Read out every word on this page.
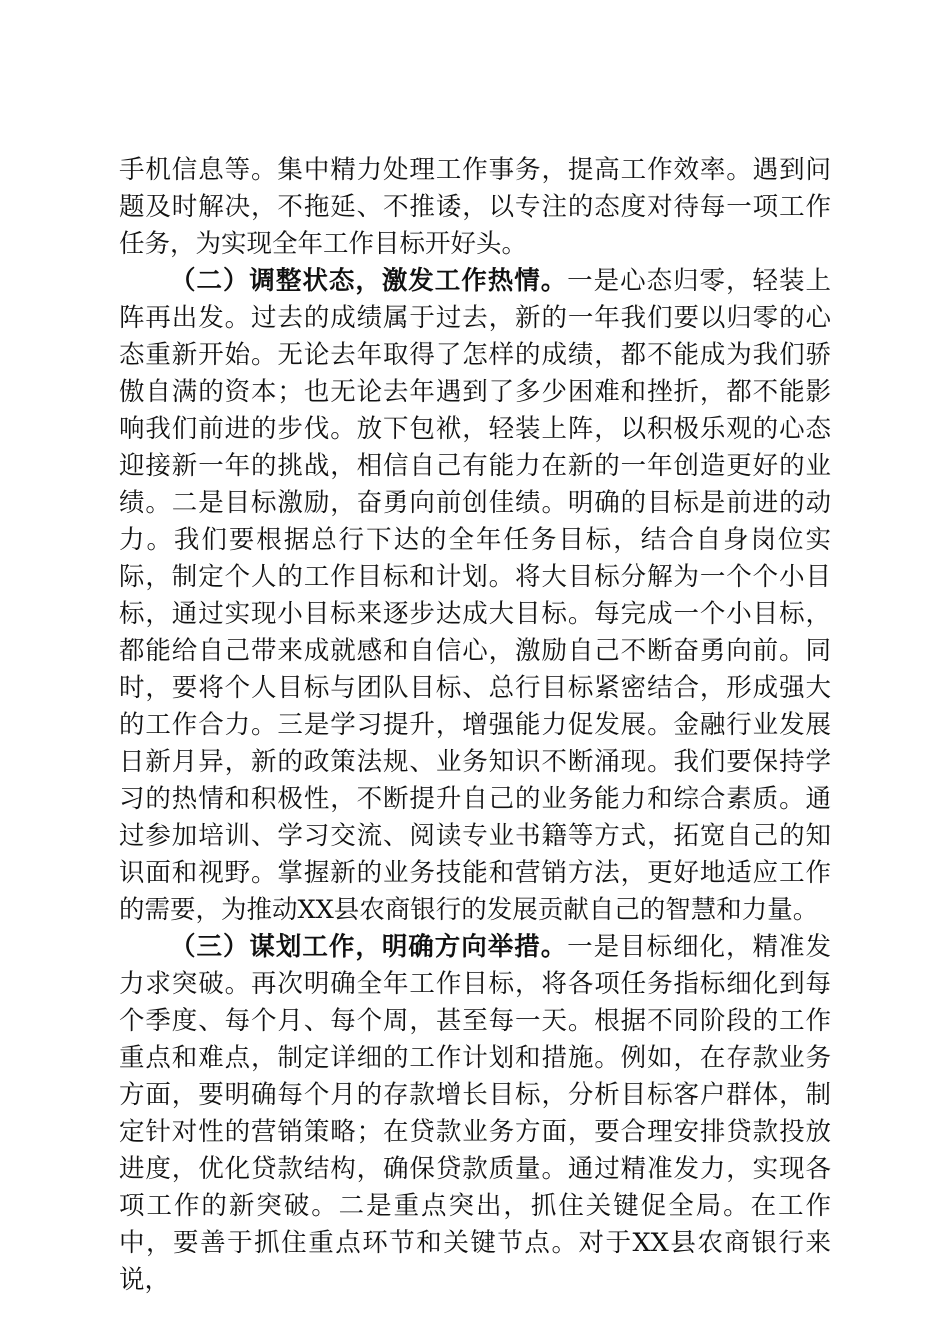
手机信息等。集中精力处理工作事务，提高工作效率。遇到问题及时解决，不拖延、不推诿，以专注的态度对待每一项工作任务，为实现全年工作目标开好头。

（二）调整状态，激发工作热情。一是心态归零，轻装上阵再出发。过去的成绩属于过去，新的一年我们要以归零的心态重新开始。无论去年取得了怎样的成绩，都不能成为我们骄傲自满的资本；也无论去年遇到了多少困难和挫折，都不能影响我们前进的步伐。放下包袱，轻装上阵，以积极乐观的心态迎接新一年的挑战，相信自己有能力在新的一年创造更好的业绩。二是目标激励，奋勇向前创佳绩。明确的目标是前进的动力。我们要根据总行下达的全年任务目标，结合自身岗位实际，制定个人的工作目标和计划。将大目标分解为一个个小目标，通过实现小目标来逐步达成大目标。每完成一个小目标，都能给自己带来成就感和自信心，激励自己不断奋勇向前。同时，要将个人目标与团队目标、总行目标紧密结合，形成强大的工作合力。三是学习提升，增强能力促发展。金融行业发展日新月异，新的政策法规、业务知识不断涌现。我们要保持学习的热情和积极性，不断提升自己的业务能力和综合素质。通过参加培训、学习交流、阅读专业书籍等方式，拓宽自己的知识面和视野。掌握新的业务技能和营销方法，更好地适应工作的需要，为推动XX县农商银行的发展贡献自己的智慧和力量。

（三）谋划工作，明确方向举措。一是目标细化，精准发力求突破。再次明确全年工作目标，将各项任务指标细化到每个季度、每个月、每个周，甚至每一天。根据不同阶段的工作重点和难点，制定详细的工作计划和措施。例如，在存款业务方面，要明确每个月的存款增长目标，分析目标客户群体，制定针对性的营销策略；在贷款业务方面，要合理安排贷款投放进度，优化贷款结构，确保贷款质量。通过精准发力，实现各项工作的新突破。二是重点突出，抓住关键促全局。在工作中，要善于抓住重点环节和关键节点。对于XX县农商银行来说，
